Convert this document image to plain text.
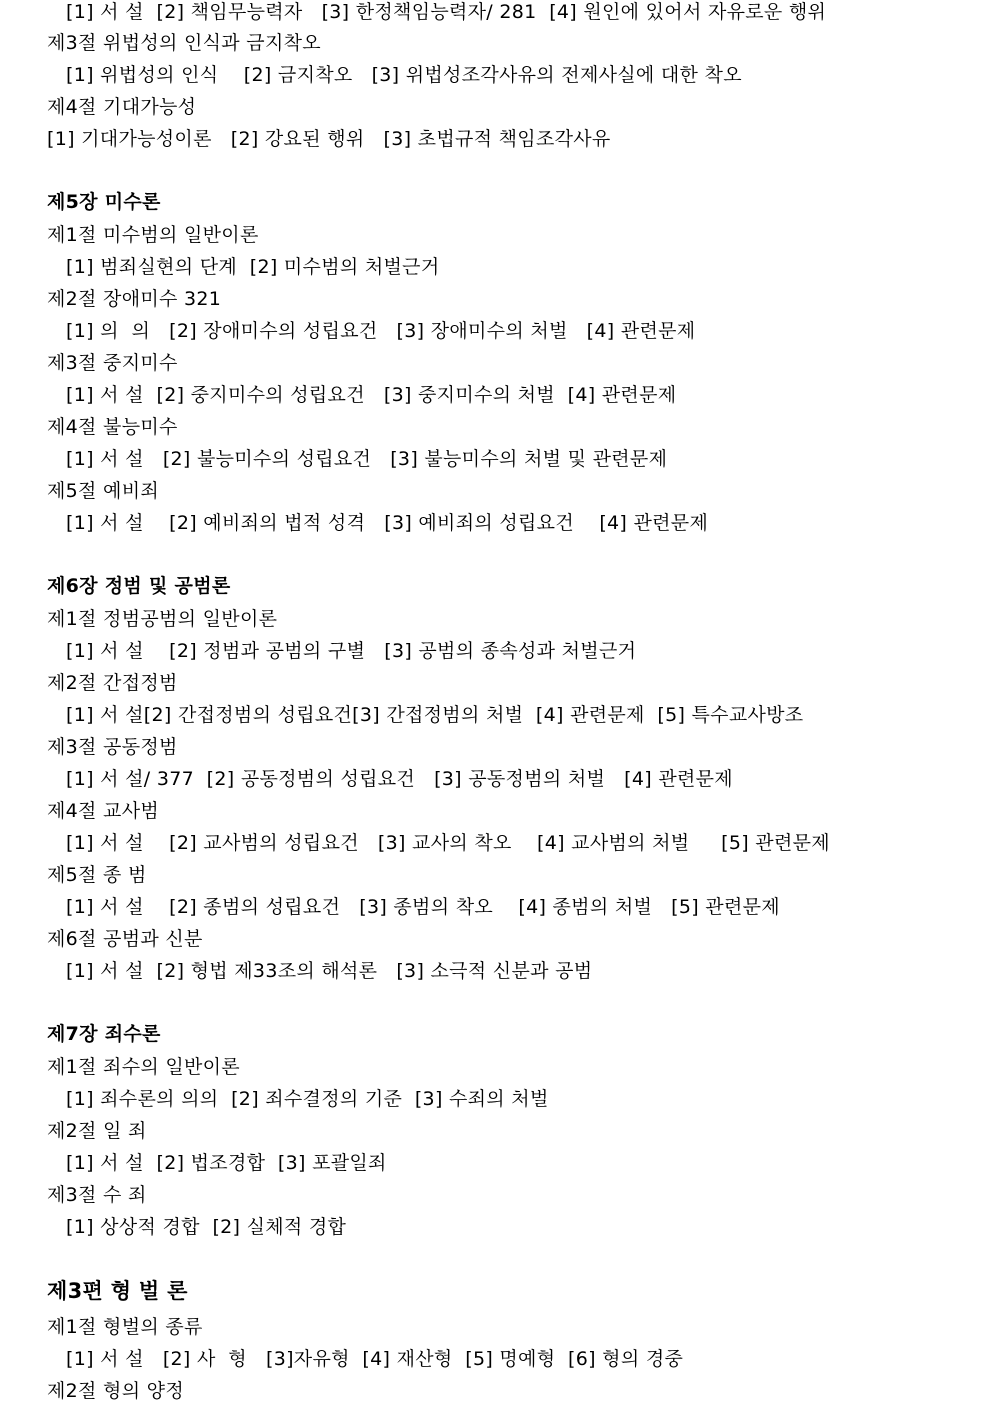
[1] 서 설  [2] 책임무능력자   [3] 한정책임능력자/ 281  [4] 원인에 있어서 자유로운 행위
제3절 위법성의 인식과 금지착오
[1] 위법성의 인식    [2] 금지착오   [3] 위법성조각사유의 전제사실에 대한 착오
제4절 기대가능성
[1] 기대가능성이론   [2] 강요된 행위   [3] 초법규적 책임조각사유
제5장 미수론
제1절 미수범의 일반이론
[1] 범죄실현의 단계  [2] 미수범의 처벌근거
제2절 장애미수 321
[1] 의  의   [2] 장애미수의 성립요건   [3] 장애미수의 처벌   [4] 관련문제
제3절 중지미수
[1] 서 설  [2] 중지미수의 성립요건   [3] 중지미수의 처벌  [4] 관련문제
제4절 불능미수
[1] 서 설   [2] 불능미수의 성립요건   [3] 불능미수의 처벌 및 관련문제
제5절 예비죄
[1] 서 설    [2] 예비죄의 법적 성격   [3] 예비죄의 성립요건    [4] 관련문제
제6장 정범 및 공범론
제1절 정범공범의 일반이론
[1] 서 설    [2] 정범과 공범의 구별   [3] 공범의 종속성과 처벌근거
제2절 간접정범
[1] 서 설[2] 간접정범의 성립요건[3] 간접정범의 처벌  [4] 관련문제  [5] 특수교사방조
제3절 공동정범
[1] 서 설/ 377  [2] 공동정범의 성립요건   [3] 공동정범의 처벌   [4] 관련문제
제4절 교사범
[1] 서 설    [2] 교사범의 성립요건   [3] 교사의 착오    [4] 교사범의 처벌     [5] 관련문제
제5절 종 범
[1] 서 설    [2] 종범의 성립요건   [3] 종범의 착오    [4] 종범의 처벌   [5] 관련문제
제6절 공범과 신분
[1] 서 설  [2] 형법 제33조의 해석론   [3] 소극적 신분과 공범
제7장 죄수론
제1절 죄수의 일반이론
[1] 죄수론의 의의  [2] 죄수결정의 기준  [3] 수죄의 처벌
제2절 일 죄
[1] 서 설  [2] 법조경합  [3] 포괄일죄
제3절 수 죄
[1] 상상적 경합  [2] 실체적 경합
제3편 형 벌 론
제1절 형벌의 종류
[1] 서 설   [2] 사  형   [3]자유형  [4] 재산형  [5] 명예형  [6] 형의 경중
제2절 형의 양정
